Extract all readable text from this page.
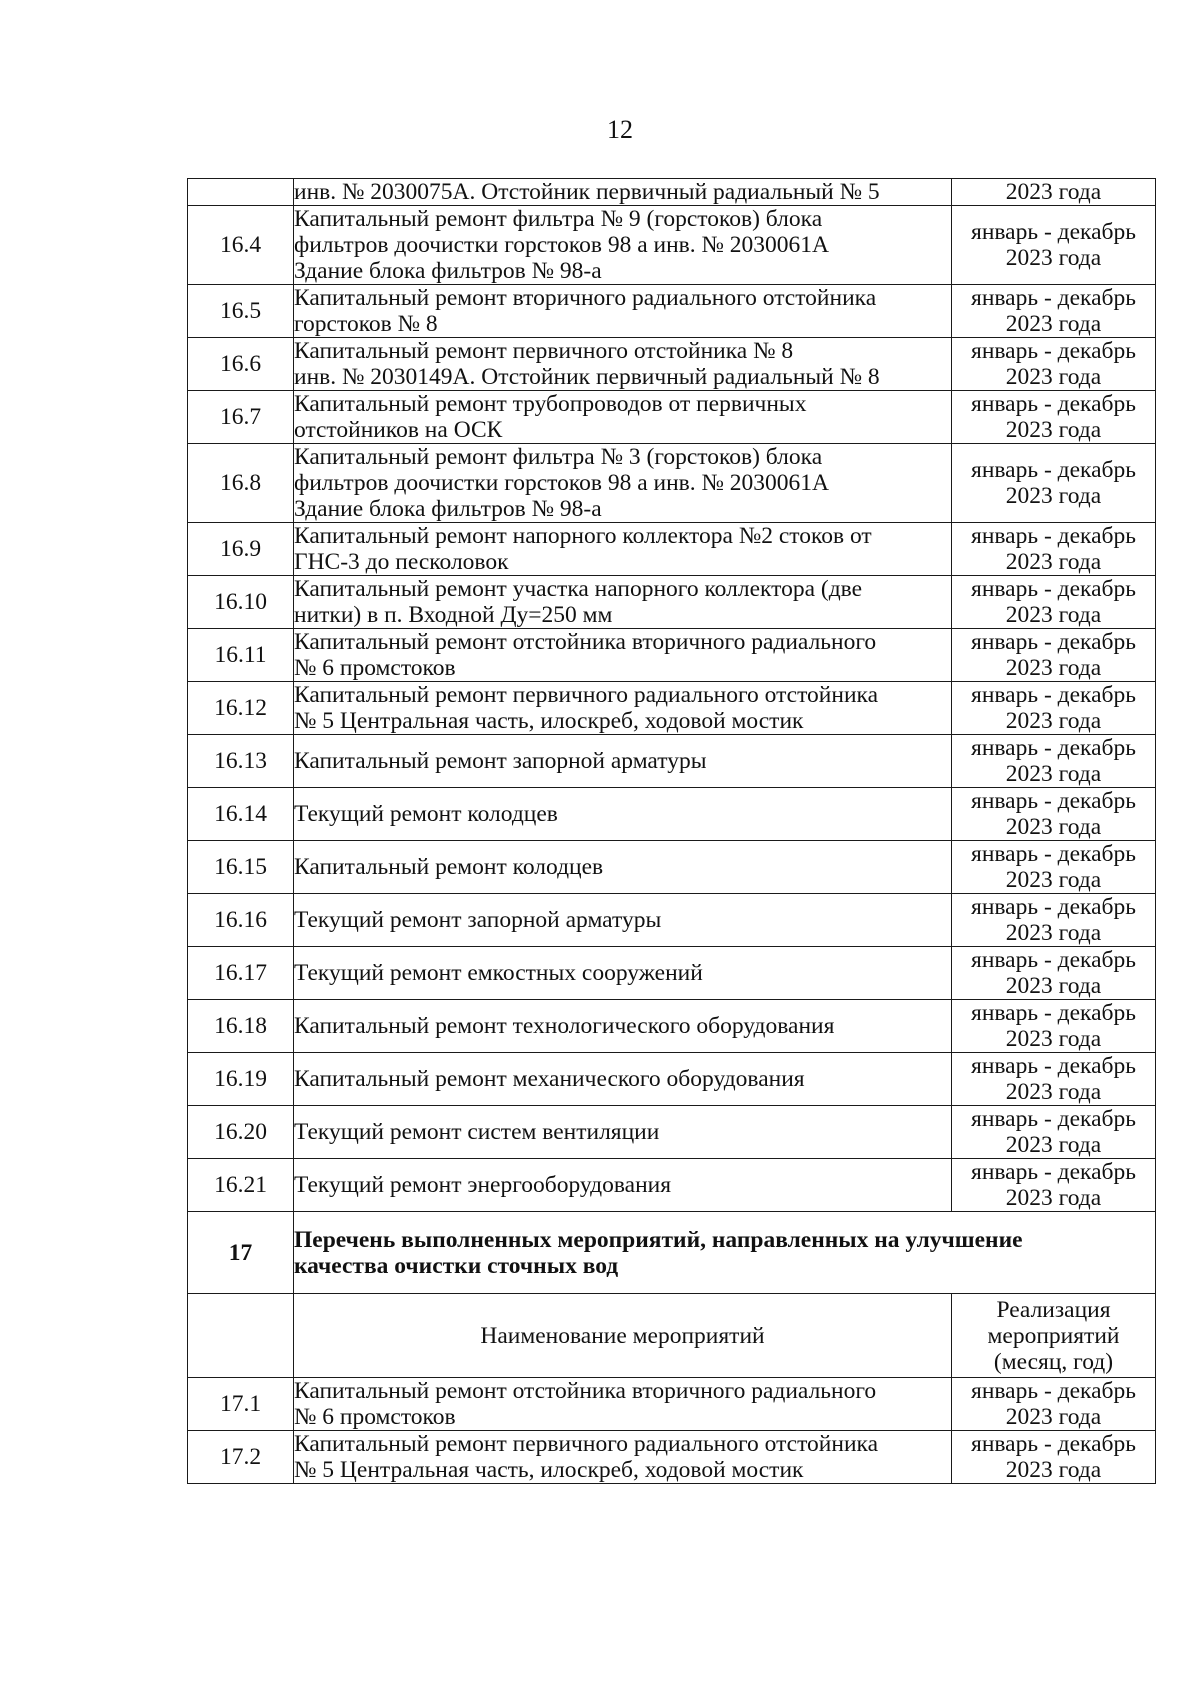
12

	инв. № 2030075А. Отстойник первичный радиальный № 5	2023 года

16.4	Капитальный ремонт фильтра № 9 (горстоков) блока
фильтров доочистки горстоков 98 а инв. № 2030061А
Здание блока фильтров № 98-а	январь - декабрь
2023 года

16.5	Капитальный ремонт вторичного радиального отстойника
горстоков № 8	январь - декабрь
2023 года

16.6	Капитальный ремонт первичного отстойника № 8
инв. № 2030149А. Отстойник первичный радиальный № 8	январь - декабрь
2023 года

16.7	Капитальный ремонт трубопроводов от первичных
отстойников на ОСК	январь - декабрь
2023 года

16.8	Капитальный ремонт фильтра № 3 (горстоков) блока
фильтров доочистки горстоков 98 а инв. № 2030061А
Здание блока фильтров № 98-а	январь - декабрь
2023 года

16.9	Капитальный ремонт напорного коллектора №2 стоков от
ГНС-3 до песколовок	январь - декабрь
2023 года

16.10	Капитальный ремонт участка напорного коллектора (две
нитки) в п. Входной Ду=250 мм	январь - декабрь
2023 года

16.11	Капитальный ремонт отстойника вторичного радиального
№ 6 промстоков	январь - декабрь
2023 года

16.12	Капитальный ремонт первичного радиального отстойника
№ 5 Центральная часть, илоскреб, ходовой мостик	январь - декабрь
2023 года

16.13	Капитальный ремонт запорной арматуры	январь - декабрь
2023 года

16.14	Текущий ремонт колодцев	январь - декабрь
2023 года

16.15	Капитальный ремонт колодцев	январь - декабрь
2023 года

16.16	Текущий ремонт запорной арматуры	январь - декабрь
2023 года

16.17	Текущий ремонт емкостных сооружений	январь - декабрь
2023 года

16.18	Капитальный ремонт технологического оборудования	январь - декабрь
2023 года

16.19	Капитальный ремонт механического оборудования	январь - декабрь
2023 года

16.20	Текущий ремонт систем вентиляции	январь - декабрь
2023 года

16.21	Текущий ремонт энергооборудования	январь - декабрь
2023 года

17	Перечень выполненных мероприятий, направленных на улучшение
качества очистки сточных вод	

	Наименование мероприятий	Реализация
мероприятий
(месяц, год)

17.1	Капитальный ремонт отстойника вторичного радиального
№ 6 промстоков	январь - декабрь
2023 года

17.2	Капитальный ремонт первичного радиального отстойника
№ 5 Центральная часть, илоскреб, ходовой мостик	январь - декабрь
2023 года
